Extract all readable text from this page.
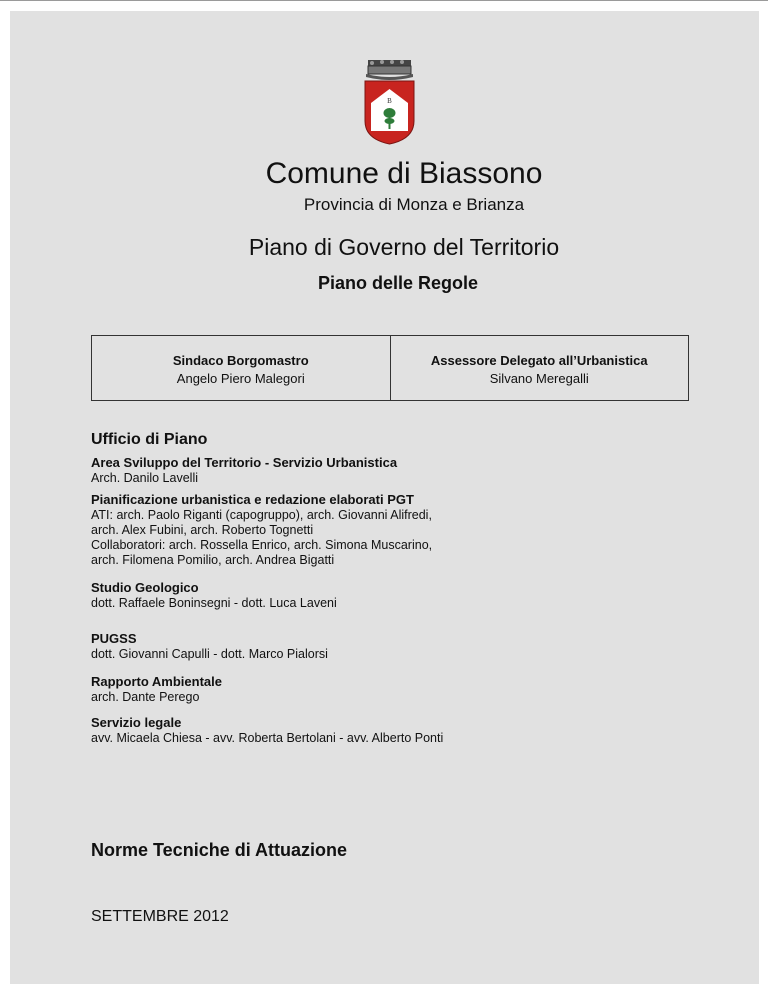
B
Comune di Biassono
Provincia di Monza e Brianza
Piano di Governo del Territorio
Piano delle Regole
Sindaco Borgomastro
Angelo Piero Malegori
Assessore Delegato all’Urbanistica
Silvano Meregalli
Ufficio di Piano
Area Sviluppo del Territorio - Servizio Urbanistica
Arch. Danilo Lavelli
Pianificazione urbanistica e redazione elaborati PGT
ATI: arch. Paolo Riganti (capogruppo), arch. Giovanni Alifredi,
arch. Alex Fubini, arch. Roberto Tognetti
Collaboratori: arch. Rossella Enrico, arch. Simona Muscarino,
arch. Filomena Pomilio, arch. Andrea Bigatti
Studio Geologico
dott. Raffaele Boninsegni - dott. Luca Laveni
PUGSS
dott. Giovanni Capulli - dott. Marco Pialorsi
Rapporto Ambientale
arch. Dante Perego
Servizio legale
avv. Micaela Chiesa - avv. Roberta Bertolani - avv. Alberto Ponti
Norme Tecniche di Attuazione
SETTEMBRE 2012
